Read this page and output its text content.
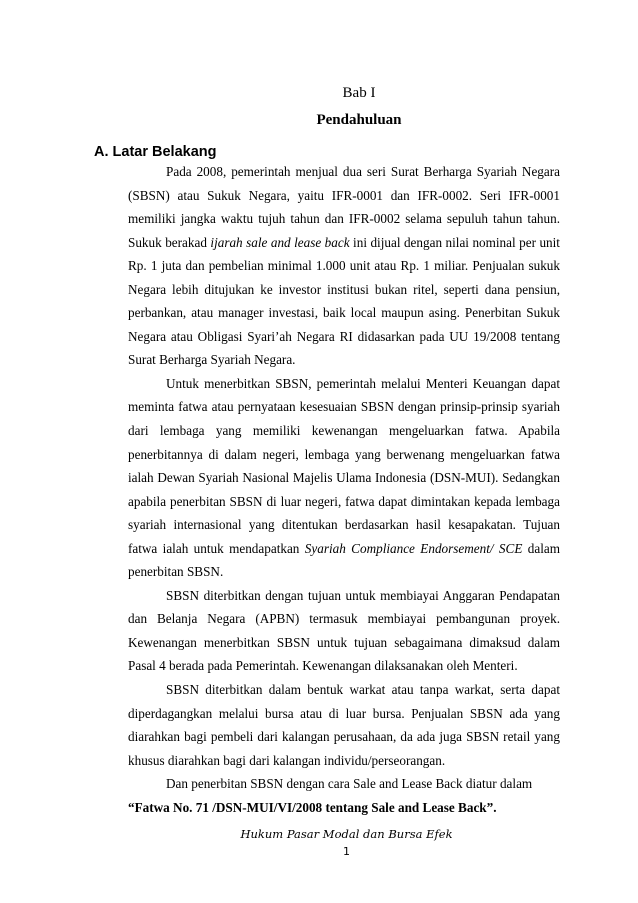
Bab I
Pendahuluan
A. Latar Belakang

Pada 2008, pemerintah menjual dua seri Surat Berharga Syariah Negara (SBSN) atau Sukuk Negara, yaitu IFR-0001 dan IFR-0002. Seri IFR-0001 memiliki jangka waktu tujuh tahun dan IFR-0002 selama sepuluh tahun tahun. Sukuk berakad ijarah sale and lease back ini dijual dengan nilai nominal per unit Rp. 1 juta dan pembelian minimal 1.000 unit atau Rp. 1 miliar. Penjualan sukuk Negara lebih ditujukan ke investor institusi bukan ritel, seperti dana pensiun, perbankan, atau manager investasi, baik local maupun asing. Penerbitan Sukuk Negara atau Obligasi Syari’ah Negara RI didasarkan pada UU 19/2008 tentang Surat Berharga Syariah Negara.

Untuk menerbitkan SBSN, pemerintah melalui Menteri Keuangan dapat meminta fatwa atau pernyataan kesesuaian SBSN dengan prinsip-prinsip syariah dari lembaga yang memiliki kewenangan mengeluarkan fatwa. Apabila penerbitannya di dalam negeri, lembaga yang berwenang mengeluarkan fatwa ialah Dewan Syariah Nasional Majelis Ulama Indonesia (DSN-MUI). Sedangkan apabila penerbitan SBSN di luar negeri, fatwa dapat dimintakan kepada lembaga syariah internasional yang ditentukan berdasarkan hasil kesapakatan. Tujuan fatwa ialah untuk mendapatkan Syariah Compliance Endorsement/ SCE dalam penerbitan SBSN.

SBSN diterbitkan dengan tujuan untuk membiayai Anggaran Pendapatan dan Belanja Negara (APBN) termasuk membiayai pembangunan proyek. Kewenangan menerbitkan SBSN untuk tujuan sebagaimana dimaksud dalam Pasal 4 berada pada Pemerintah. Kewenangan dilaksanakan oleh Menteri.

SBSN diterbitkan dalam bentuk warkat atau tanpa warkat, serta dapat diperdagangkan melalui bursa atau di luar bursa. Penjualan SBSN ada yang diarahkan bagi pembeli dari kalangan perusahaan, da ada juga SBSN retail yang khusus diarahkan bagi dari kalangan individu/perseorangan.

Dan penerbitan SBSN dengan cara Sale and Lease Back diatur dalam

“Fatwa No. 71 /DSN-MUI/VI/2008 tentang Sale and Lease Back”.

Hukum Pasar Modal dan Bursa Efek
1
